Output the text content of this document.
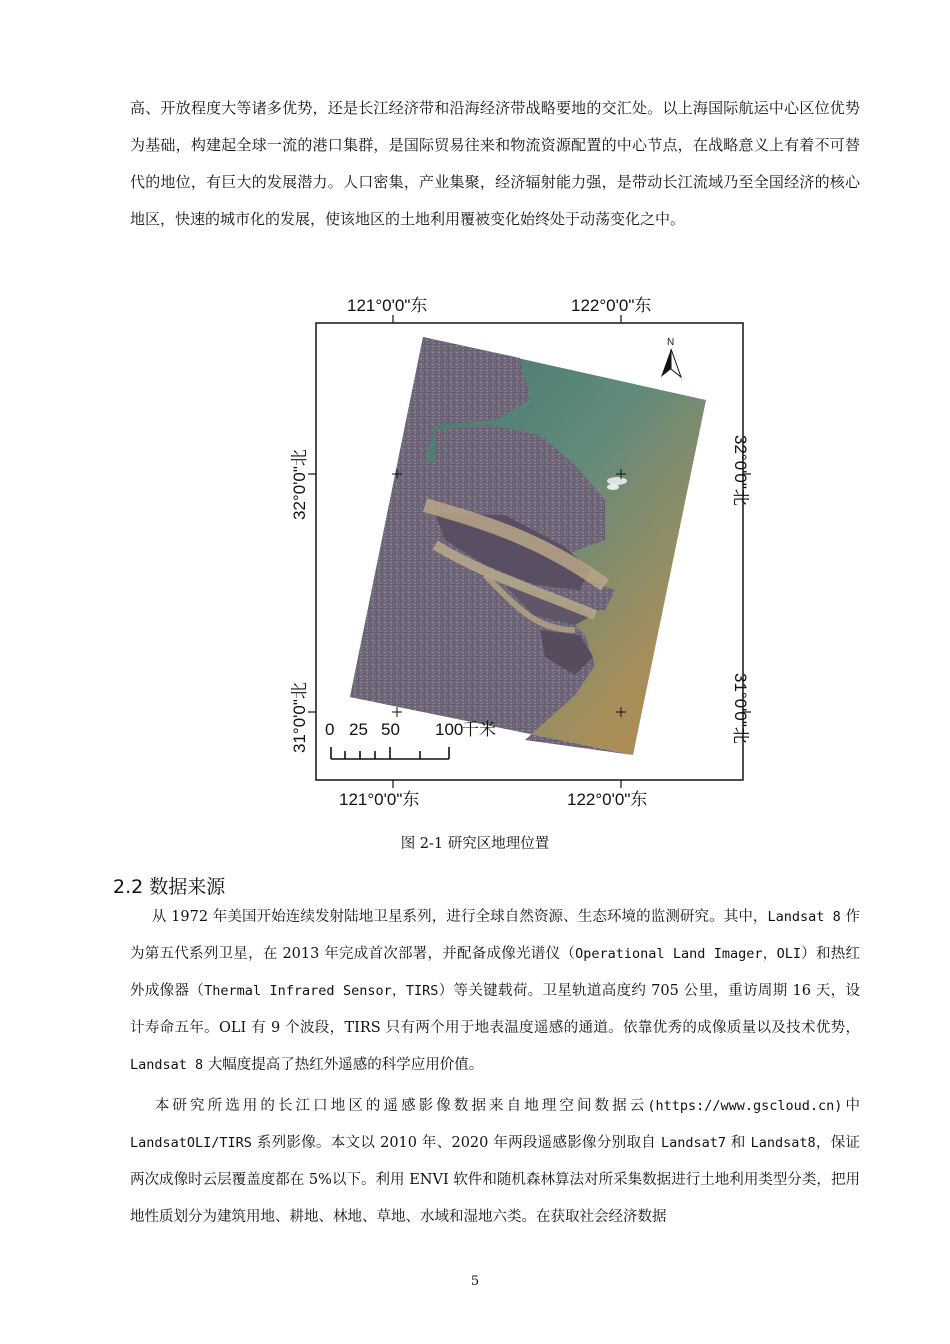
高、开放程度大等诸多优势，还是长江经济带和沿海经济带战略要地的交汇处。以上海国际航运中心区位优势为基础，构建起全球一流的港口集群，是国际贸易往来和物流资源配置的中心节点，在战略意义上有着不可替代的地位，有巨大的发展潜力。人口密集，产业集聚，经济辐射能力强，是带动长江流域乃至全国经济的核心地区，快速的城市化的发展，使该地区的土地利用覆被变化始终处于动荡变化之中。

121°0'0"东	122°0'0"东
121°0'0"东	122°0'0"东
32°0'0"北
31°0'0"北
32°0'0"北
31°0'0"北
N
0 25 50 100
千米
图 2-1 研究区地理位置
2.2 数据来源

  从 1972 年美国开始连续发射陆地卫星系列，进行全球自然资源、生态环境的监测研究。其中，Landsat 8 作为第五代系列卫星，在 2013 年完成首次部署，并配备成像光谱仪（Operational Land Imager，OLI）和热红外成像器（Thermal Infrared Sensor，TIRS）等关键载荷。卫星轨道高度约 705 公里，重访周期 16 天，设计寿命五年。OLI 有 9 个波段，TIRS 只有两个用于地表温度遥感的通道。依靠优秀的成像质量以及技术优势，Landsat 8 大幅度提高了热红外遥感的科学应用价值。

  本研究所选用的长江口地区的遥感影像数据来自地理空间数据云(https://www.gscloud.cn)中 LandsatOLI/TIRS 系列影像。本文以 2010 年、2020 年两段遥感影像分别取自 Landsat7 和 Landsat8，保证两次成像时云层覆盖度都在 5%以下。利用 ENVI 软件和随机森林算法对所采集数据进行土地利用类型分类，把用地性质划分为建筑用地、耕地、林地、草地、水域和湿地六类。在获取社会经济数据

5
